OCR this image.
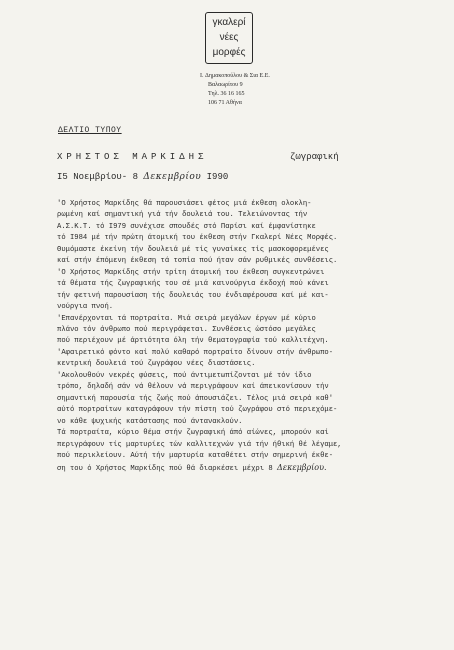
γκαλερί
νέες
μορφές
I. Δημακοπούλου & Σια Ε.Ε.
Βαλαωρίτου 9
Τηλ. 36 16 165
106 71 Αθήνα
ΔΕΛΤΙΟ ΤΥΠΟΥ
ΧΡΗΣΤΟΣ ΜΑΡΚΙΔΗΣ	ζωγραφική
I5 Νοεμβρίου- 8 Δεκεμβρίου I990
'Ο Χρήστος Μαρκίδης θά παρουσιάσει φέτος μιά έκθεση ολοκλη-
ρωμένη καί σημαντική γιά τήν δουλειά του. Τελειώνοντας τήν
Α.Σ.Κ.Τ. τό I979 συνέχισε σπουδές στό Παρίσι καί έμφανίστηκε
τό I984 μέ τήν πρώτη άτομική του έκθεση στήν Γκαλερί Νέες Μορφές.
Θυμόμαστε έκείνη τήν δουλειά μέ τίς γυναίκες τίς μασκοφορεμένες
καί στήν έπόμενη έκθεση τά τοπία πού ήταν σάν ρυθμικές συνθέσεις.
'Ο Χρήστος Μαρκίδης στήν τρίτη άτομική του έκθεση συγκεντρώνει
τά θέματα τής ζωγραφικής του σέ μιά καινούργια έκδοχή πού κάνει
τήν φετινή παρουσίαση τής δουλειάς του ένδιαφέρουσα καί μέ και-
νούργια πνοή.
'Επανέρχονται τά πορτραίτα. Μιά σειρά μεγάλων έργων μέ κύριο
πλάνο τόν άνθρωπο πού περιγράφεται. Συνθέσεις ώστόσο μεγάλες
πού περιέχουν μέ άρτιότητα όλη τήν θεματογραφία τού καλλιτέχνη.
'Αφαιρετικό φόντο καί πολύ καθαρό πορτραίτο δίνουν στήν άνθρωπο-
κεντρική δουλειά τού ζωγράφου νέες διαστάσεις.
'Ακολουθούν νεκρές φύσεις, πού άντιμετωπίζονται μέ τόν ίδιο
τρόπο, δηλαδή σάν νά θέλουν νά περιγράφουν καί άπεικονίσουν τήν
σημαντική παρουσία τής ζωής πού άπουσιάζει. Τέλος μιά σειρά καθ'
αύτό πορτραίτων καταγράφουν τήν πίστη τού ζωγράφου στό περιεχόμε-
νο κάθε ψυχικής κατάστασης πού άντανακλούν.
Τά πορτραίτα, κύριο θέμα στήν ζωγραφική άπό αίώνες, μπορούν καί
περιγράφουν τίς μαρτυρίες τών καλλιτεχνών γιά τήν ήθική θέ λέγαμε,
πού περικλείουν. Αύτή τήν μαρτυρία καταθέτει στήν σημερινή έκθε-
ση του ό Χρήστος Μαρκίδης πού θά διαρκέσει μέχρι 8 Δεκεμβρίου.
